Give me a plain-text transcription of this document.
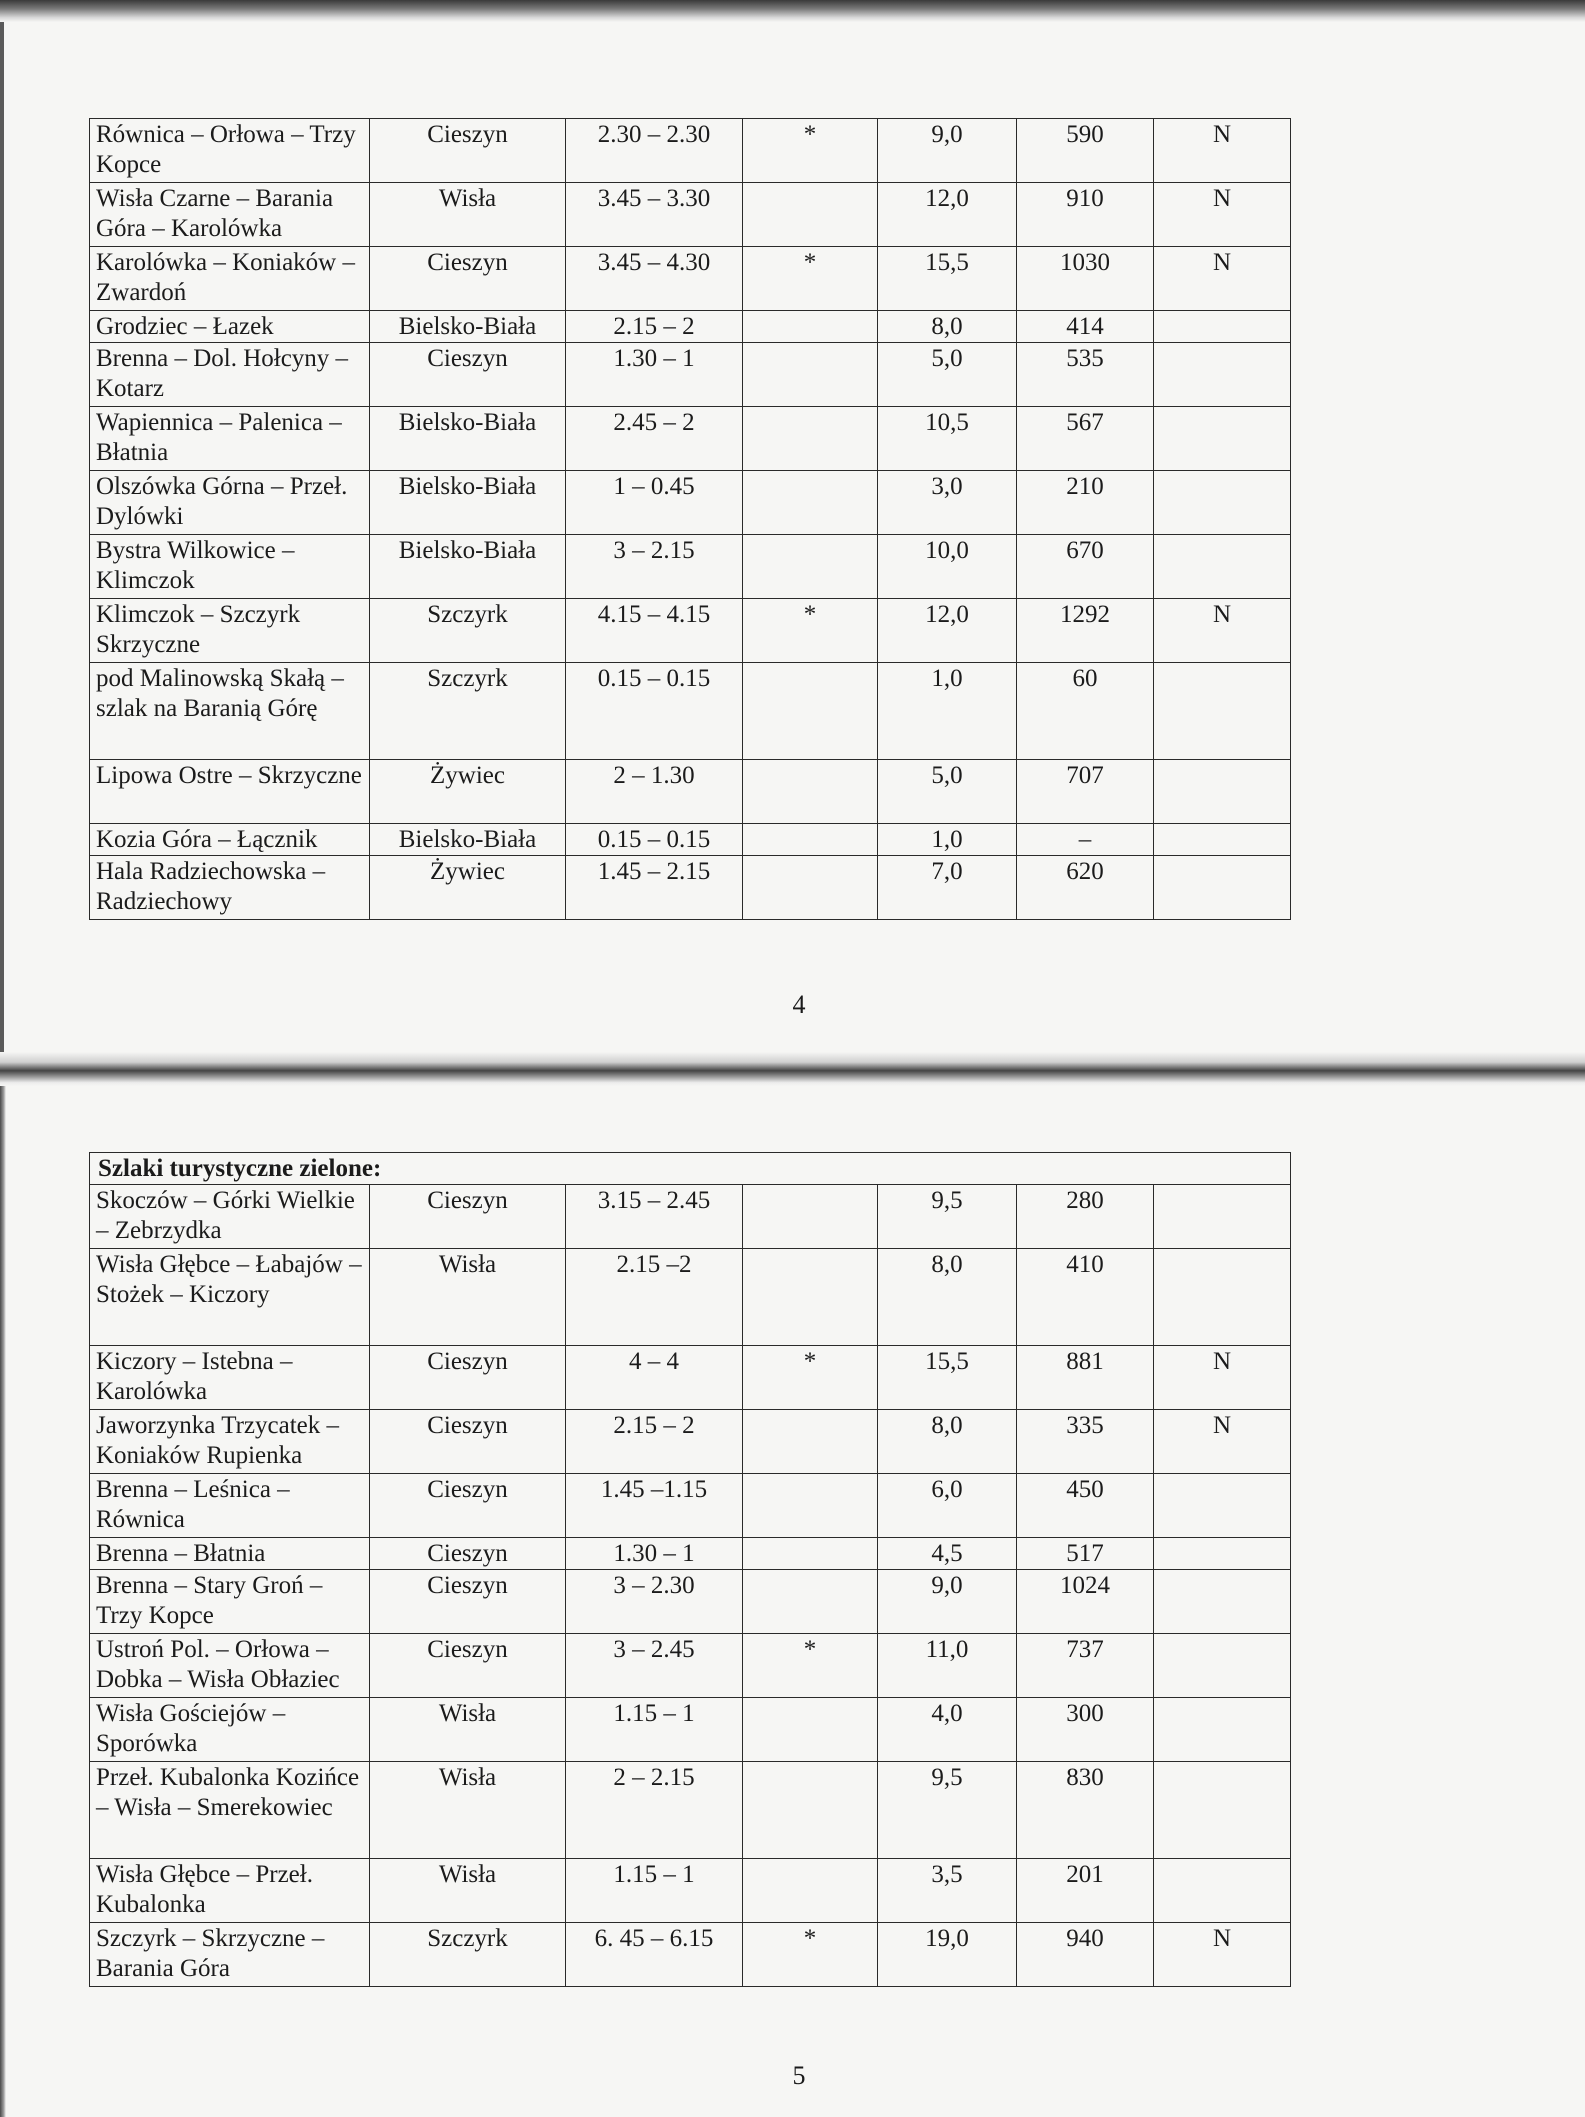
Równica – Orłowa – Trzy Kopce	Cieszyn	2.30 – 2.30	*	9,0	590	N
Wisła Czarne – Barania Góra – Karolówka	Wisła	3.45 – 3.30		12,0	910	N
Karolówka – Koniaków – Zwardoń	Cieszyn	3.45 – 4.30	*	15,5	1030	N
Grodziec – Łazek	Bielsko-Biała	2.15 – 2		8,0	414	
Brenna – Dol. Hołcyny – Kotarz	Cieszyn	1.30 – 1		5,0	535	
Wapiennica – Palenica –Błatnia	Bielsko-Biała	2.45 – 2		10,5	567	
Olszówka Górna – Przeł. Dylówki	Bielsko-Biała	1 – 0.45		3,0	210	
Bystra Wilkowice – Klimczok	Bielsko-Biała	3 – 2.15		10,0	670	
Klimczok – Szczyrk Skrzyczne	Szczyrk	4.15 – 4.15	*	12,0	1292	N
pod Malinowską Skałą – szlak na Baranią Górę	Szczyrk	0.15 – 0.15		1,0	60	
Lipowa Ostre – Skrzyczne	Żywiec	2 – 1.30		5,0	707	
Kozia Góra – Łącznik	Bielsko-Biała	0.15 – 0.15		1,0	–	
Hala Radziechowska – Radziechowy	Żywiec	1.45 – 2.15		7,0	620	
4
Szlaki turystyczne zielone:						
Skoczów – Górki Wielkie – Zebrzydka	Cieszyn	3.15 – 2.45		9,5	280	
Wisła Głębce – Łabajów – Stożek – Kiczory	Wisła	2.15 –2		8,0	410	
Kiczory – Istebna – Karolówka	Cieszyn	4 – 4	*	15,5	881	N
Jaworzynka Trzycatek – Koniaków Rupienka	Cieszyn	2.15 – 2		8,0	335	N
Brenna – Leśnica – Równica	Cieszyn	1.45 –1.15		6,0	450	
Brenna – Błatnia	Cieszyn	1.30 – 1		4,5	517	
Brenna – Stary Groń – Trzy Kopce	Cieszyn	3 – 2.30		9,0	1024	
Ustroń Pol. – Orłowa – Dobka – Wisła Obłaziec	Cieszyn	3 – 2.45	*	11,0	737	
Wisła Gościejów – Sporówka	Wisła	1.15 – 1		4,0	300	
Przeł. Kubalonka Kozińce – Wisła – Smerekowiec	Wisła	2 – 2.15		9,5	830	
Wisła Głębce – Przeł. Kubalonka	Wisła	1.15 – 1		3,5	201	
Szczyrk – Skrzyczne – Barania Góra	Szczyrk	6. 45 – 6.15	*	19,0	940	N
5
